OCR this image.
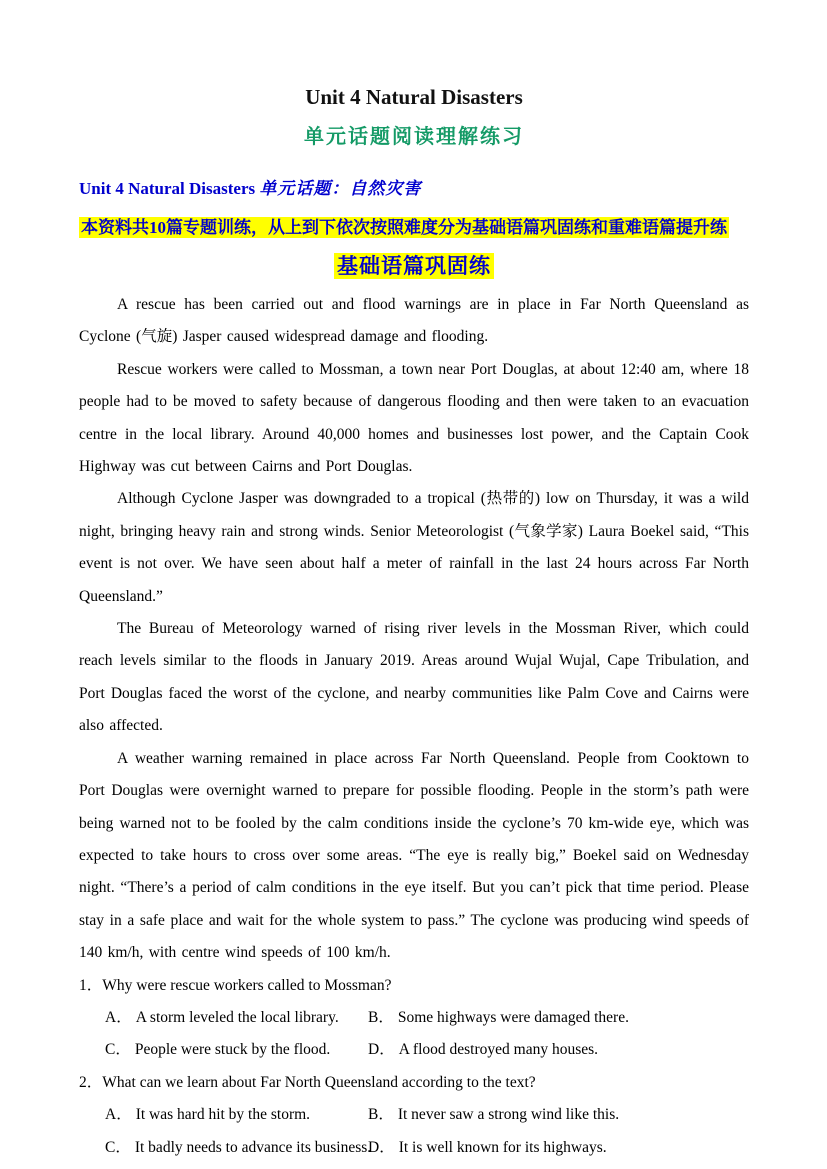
Unit 4 Natural Disasters
单元话题阅读理解练习
Unit 4 Natural Disasters 单元话题：自然灾害
本资料共10篇专题训练，从上到下依次按照难度分为基础语篇巩固练和重难语篇提升练
基础语篇巩固练

A rescue has been carried out and flood warnings are in place in Far North Queensland as Cyclone (气旋) Jasper caused widespread damage and flooding.

Rescue workers were called to Mossman, a town near Port Douglas, at about 12:40 am, where 18 people had to be moved to safety because of dangerous flooding and then were taken to an evacuation centre in the local library. Around 40,000 homes and businesses lost power, and the Captain Cook Highway was cut between Cairns and Port Douglas.

Although Cyclone Jasper was downgraded to a tropical (热带的) low on Thursday, it was a wild night, bringing heavy rain and strong winds. Senior Meteorologist (气象学家) Laura Boekel said, “This event is not over. We have seen about half a meter of rainfall in the last 24 hours across Far North Queensland.”

The Bureau of Meteorology warned of rising river levels in the Mossman River, which could reach levels similar to the floods in January 2019. Areas around Wujal Wujal, Cape Tribulation, and Port Douglas faced the worst of the cyclone, and nearby communities like Palm Cove and Cairns were also affected.

A weather warning remained in place across Far North Queensland. People from Cooktown to Port Douglas were overnight warned to prepare for possible flooding. People in the storm’s path were being warned not to be fooled by the calm conditions inside the cyclone’s 70 km-wide eye, which was expected to take hours to cross over some areas. “The eye is really big,” Boekel said on Wednesday night. “There’s a period of calm conditions in the eye itself. But you can’t pick that time period. Please stay in a safe place and wait for the whole system to pass.” The cyclone was producing wind speeds of 140 km/h, with centre wind speeds of 100 km/h.

1．Why were rescue workers called to Mossman?
A． A storm leveled the local library.	B． Some highways were damaged there.
C． People were stuck by the flood.	D． A flood destroyed many houses.
2．What can we learn about Far North Queensland according to the text?
A． It was hard hit by the storm.	B． It never saw a strong wind like this.
C． It badly needs to advance its business.
D． It is well known for its highways.
